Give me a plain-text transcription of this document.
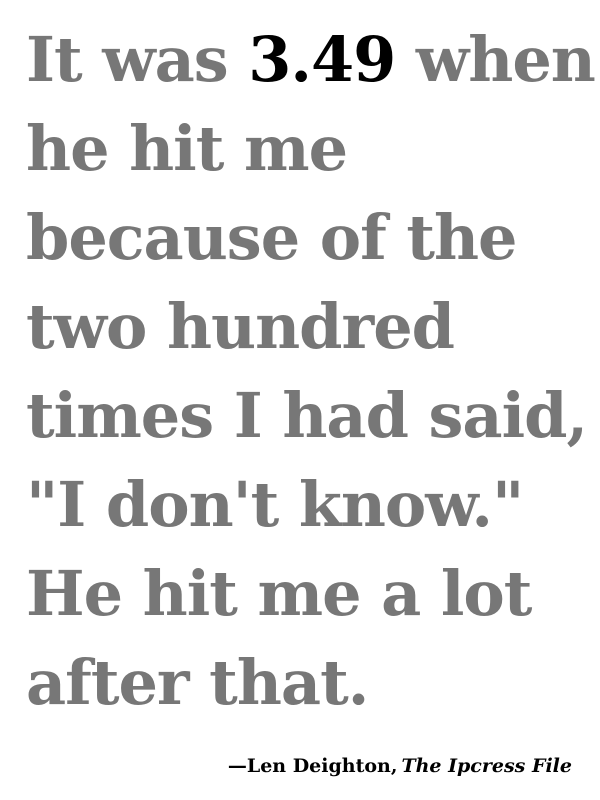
It was 3.49 when
he hit me
because of the
two hundred
times I had said,
"I don't know."
He hit me a lot
after that.
—Len Deighton, The Ipcress File
